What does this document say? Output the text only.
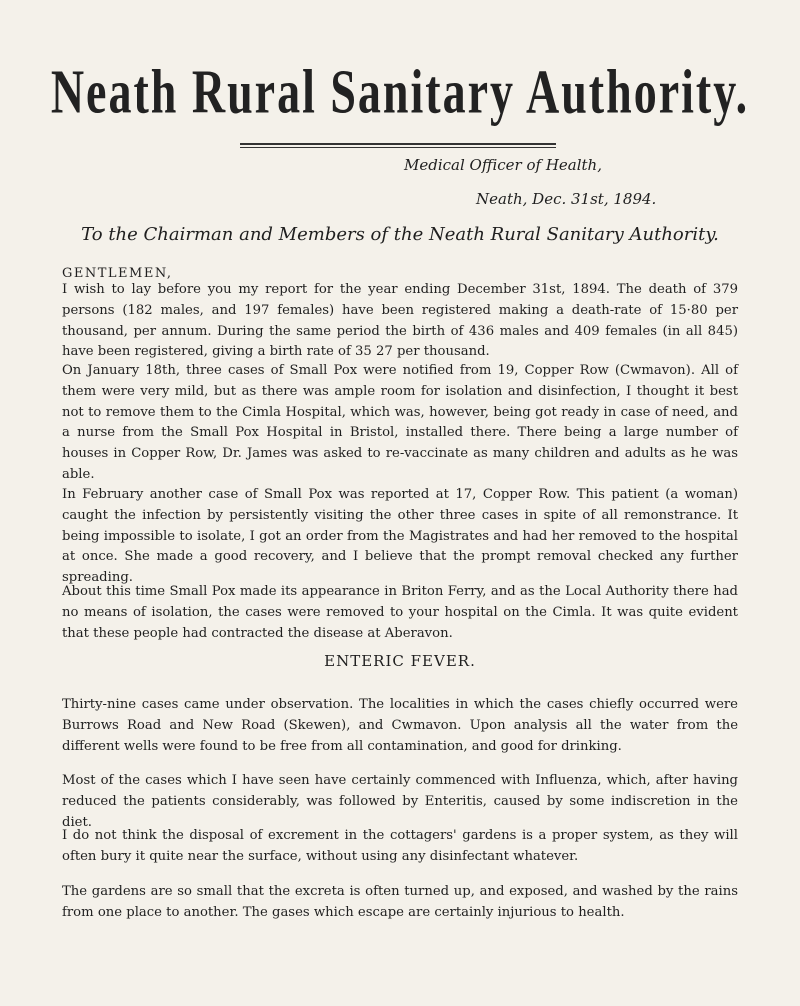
Neath Rural Sanitary Authority.
Medical Officer of Health,
Neath, Dec. 31st, 1894.
To the Chairman and Members of the Neath Rural Sanitary Authority.
GENTLEMEN,

I wish to lay before you my report for the year ending December 31st, 1894. The death of 379 persons (182 males, and 197 females) have been registered making a death-rate of 15·80 per thousand, per annum. During the same period the birth of 436 males and 409 females (in all 845) have been registered, giving a birth rate of 35 27 per thousand.

On January 18th, three cases of Small Pox were notified from 19, Copper Row (Cwmavon). All of them were very mild, but as there was ample room for isolation and disinfection, I thought it best not to remove them to the Cimla Hospital, which was, however, being got ready in case of need, and a nurse from the Small Pox Hospital in Bristol, installed there. There being a large number of houses in Copper Row, Dr. James was asked to re-vaccinate as many children and adults as he was able.

In February another case of Small Pox was reported at 17, Copper Row. This patient (a woman) caught the infection by persistently visiting the other three cases in spite of all remonstrance. It being impossible to isolate, I got an order from the Magistrates and had her removed to the hospital at once. She made a good recovery, and I believe that the prompt removal checked any further spreading.

About this time Small Pox made its appearance in Briton Ferry, and as the Local Authority there had no means of isolation, the cases were removed to your hospital on the Cimla. It was quite evident that these people had contracted the disease at Aberavon.

ENTERIC FEVER.

Thirty-nine cases came under observation. The localities in which the cases chiefly occurred were Burrows Road and New Road (Skewen), and Cwmavon. Upon analysis all the water from the different wells were found to be free from all contamination, and good for drinking.

Most of the cases which I have seen have certainly commenced with Influenza, which, after having reduced the patients considerably, was followed by Enteritis, caused by some indiscretion in the diet.

I do not think the disposal of excrement in the cottagers' gardens is a proper system, as they will often bury it quite near the surface, without using any disinfectant whatever.

The gardens are so small that the excreta is often turned up, and exposed, and washed by the rains from one place to another. The gases which escape are certainly injurious to health.
